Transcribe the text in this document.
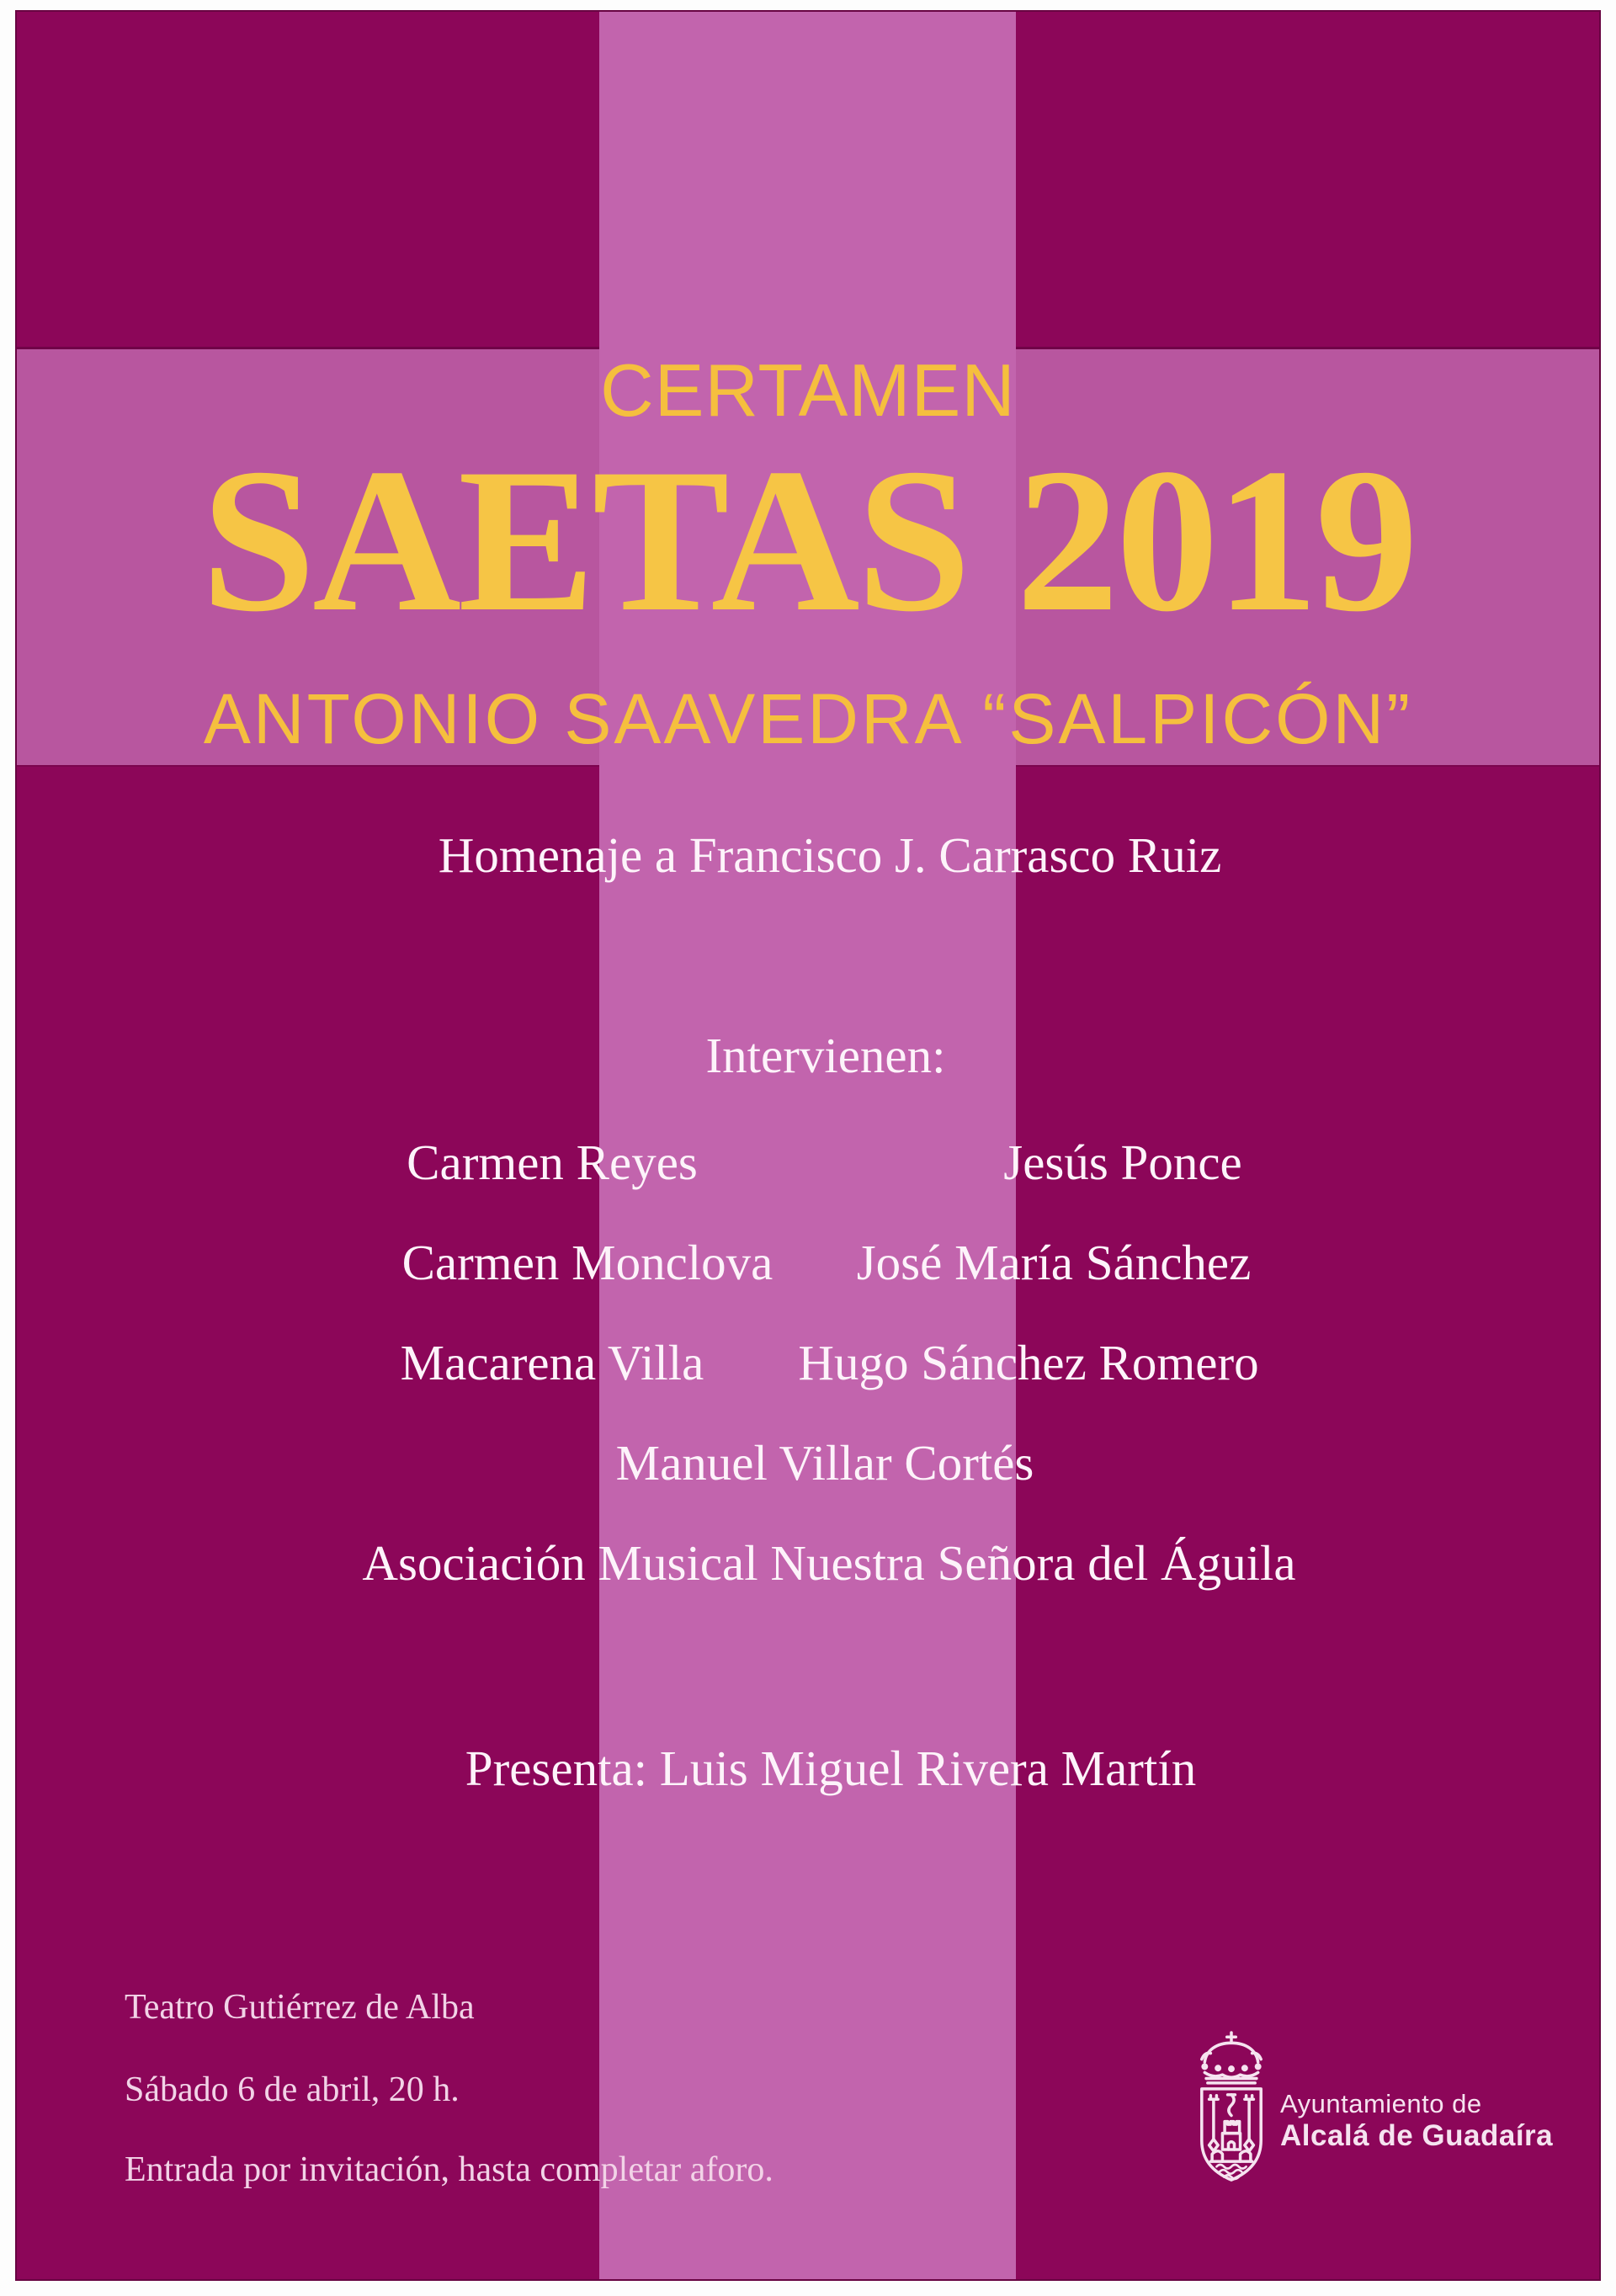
CERTAMEN
SAETAS 2019
ANTONIO SAAVEDRA “SALPICÓN”
Homenaje a Francisco J. Carrasco Ruiz
Intervienen:
Carmen Reyes	Jesús Ponce
Carmen Monclova José María Sánchez
Macarena Villa Hugo Sánchez Romero
Manuel Villar Cortés
Asociación Musical Nuestra Señora del Águila
Presenta: Luis Miguel Rivera Martín
Teatro Gutiérrez de Alba
Sábado 6 de abril, 20 h.
Entrada por invitación, hasta completar aforo.
Ayuntamiento de
Alcalá de Guadaíra
